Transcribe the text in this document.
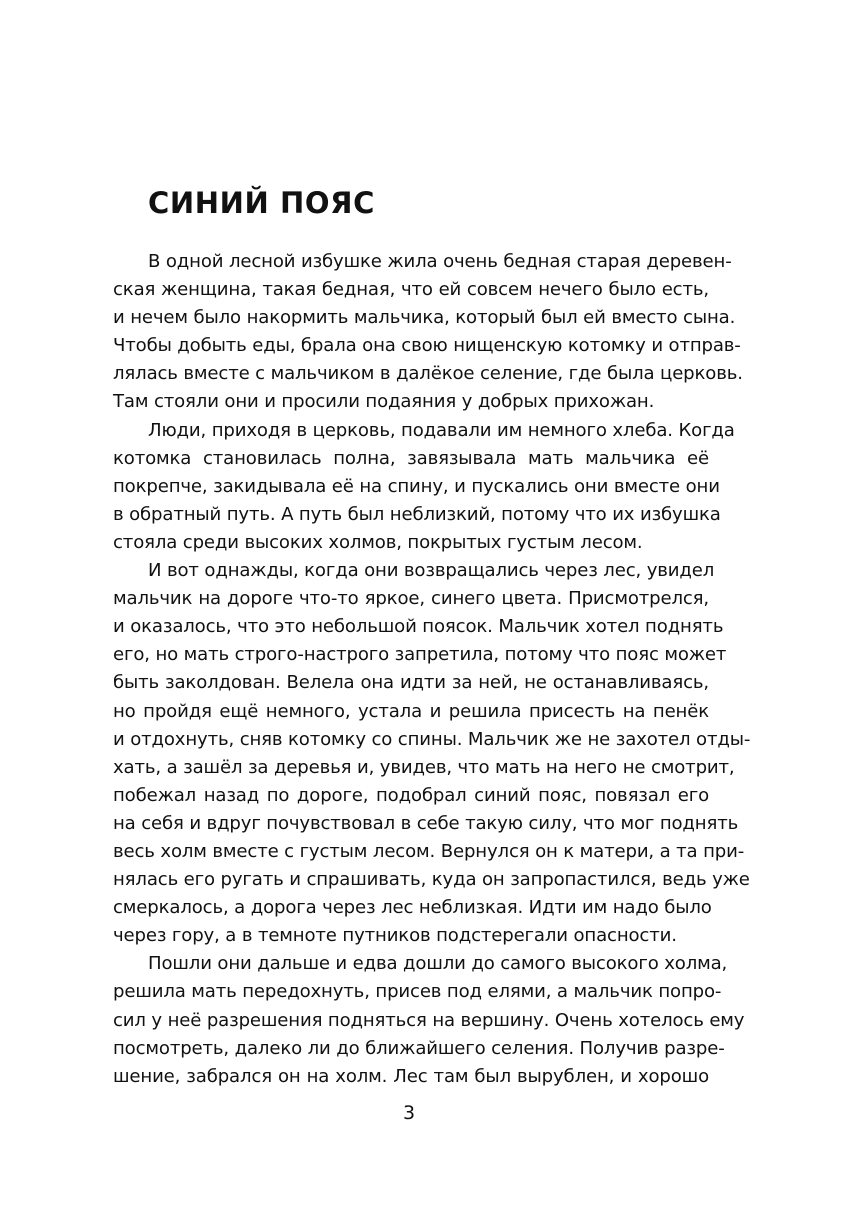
СИНИЙ ПОЯС
В одной лесной избушке жила очень бедная старая деревен-
ская женщина, такая бедная, что ей совсем нечего было есть,
и нечем было накормить мальчика, который был ей вместо сына.
Чтобы добыть еды, брала она свою нищенскую котомку и отправ-
лялась вместе с мальчиком в далёкое селение, где была церковь.
Там стояли они и просили подаяния у добрых прихожан.
Люди, приходя в церковь, подавали им немного хлеба. Когда
котомка становилась полна, завязывала мать мальчика её
покрепче, закидывала её на спину, и пускались они вместе они
в обратный путь. А путь был неблизкий, потому что их избушка
стояла среди высоких холмов, покрытых густым лесом.
И вот однажды, когда они возвращались через лес, увидел
мальчик на дороге что-то яркое, синего цвета. Присмотрелся,
и оказалось, что это небольшой поясок. Мальчик хотел поднять
его, но мать строго-настрого запретила, потому что пояс может
быть заколдован. Велела она идти за ней, не останавливаясь,
но пройдя ещё немного, устала и решила присесть на пенёк
и отдохнуть, сняв котомку со спины. Мальчик же не захотел отды-
хать, а зашёл за деревья и, увидев, что мать на него не смотрит,
побежал назад по дороге, подобрал синий пояс, повязал его
на себя и вдруг почувствовал в себе такую силу, что мог поднять
весь холм вместе с густым лесом. Вернулся он к матери, а та при-
нялась его ругать и спрашивать, куда он запропастился, ведь уже
смеркалось, а дорога через лес неблизкая. Идти им надо было
через гору, а в темноте путников подстерегали опасности.
Пошли они дальше и едва дошли до самого высокого холма,
решила мать передохнуть, присев под елями, а мальчик попро-
сил у неё разрешения подняться на вершину. Очень хотелось ему
посмотреть, далеко ли до ближайшего селения. Получив разре-
шение, забрался он на холм. Лес там был вырублен, и хорошо
3
